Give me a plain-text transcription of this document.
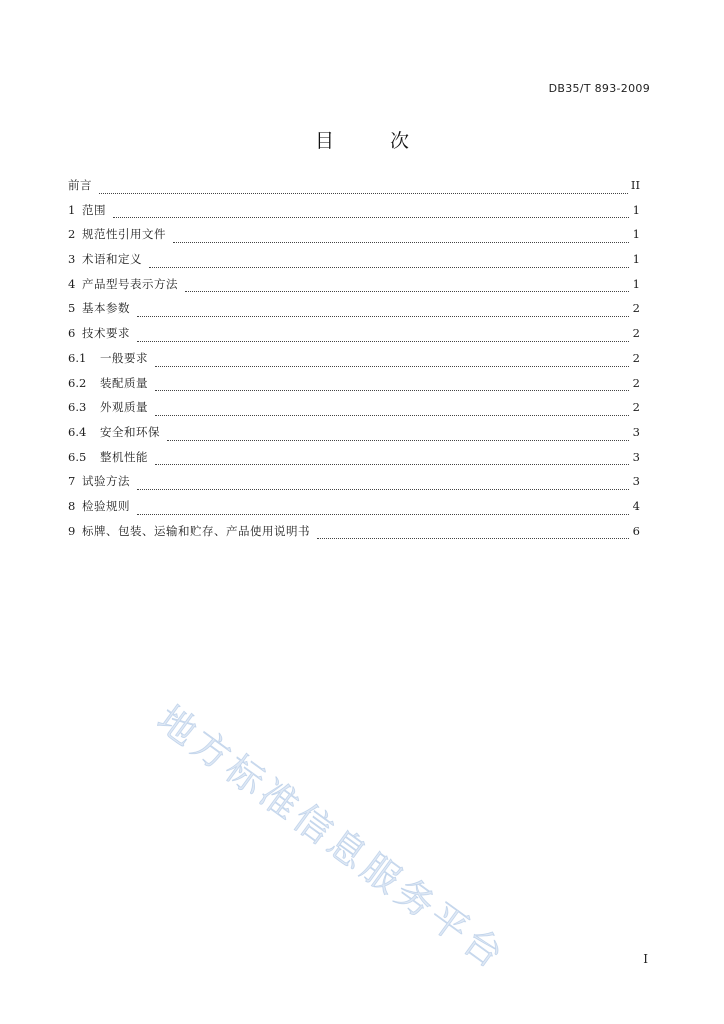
DB35/T 893-2009
目	次
前言	II
1 范围	1
2 规范性引用文件	1
3 术语和定义	1
4 产品型号表示方法	1
5 基本参数	2
6 技术要求	2
6.1	一般要求	2
6.2	装配质量	2
6.3	外观质量	2
6.4	安全和环保	3
6.5	整机性能	3
7 试验方法	3
8 检验规则	4
9 标牌、包装、运输和贮存、产品使用说明书	6
地方标准信息服务平台	I
